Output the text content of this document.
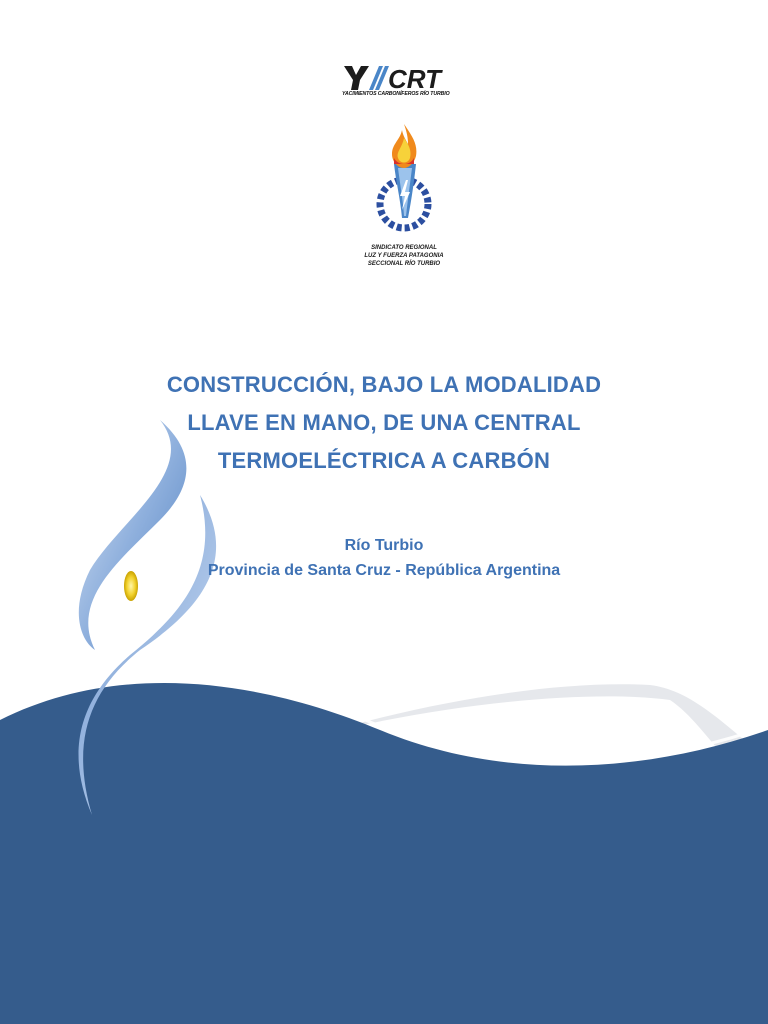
CRT
YACIMIENTOS CARBONÍFEROS RÍO TURBIO
SINDICATO REGIONAL
LUZ Y FUERZA PATAGONIA
SECCIONAL RÍO TURBIO
CONSTRUCCIÓN, BAJO LA MODALIDAD
LLAVE EN MANO, DE UNA CENTRAL
TERMOELÉCTRICA A CARBÓN
Río Turbio
Provincia de Santa Cruz - República Argentina
